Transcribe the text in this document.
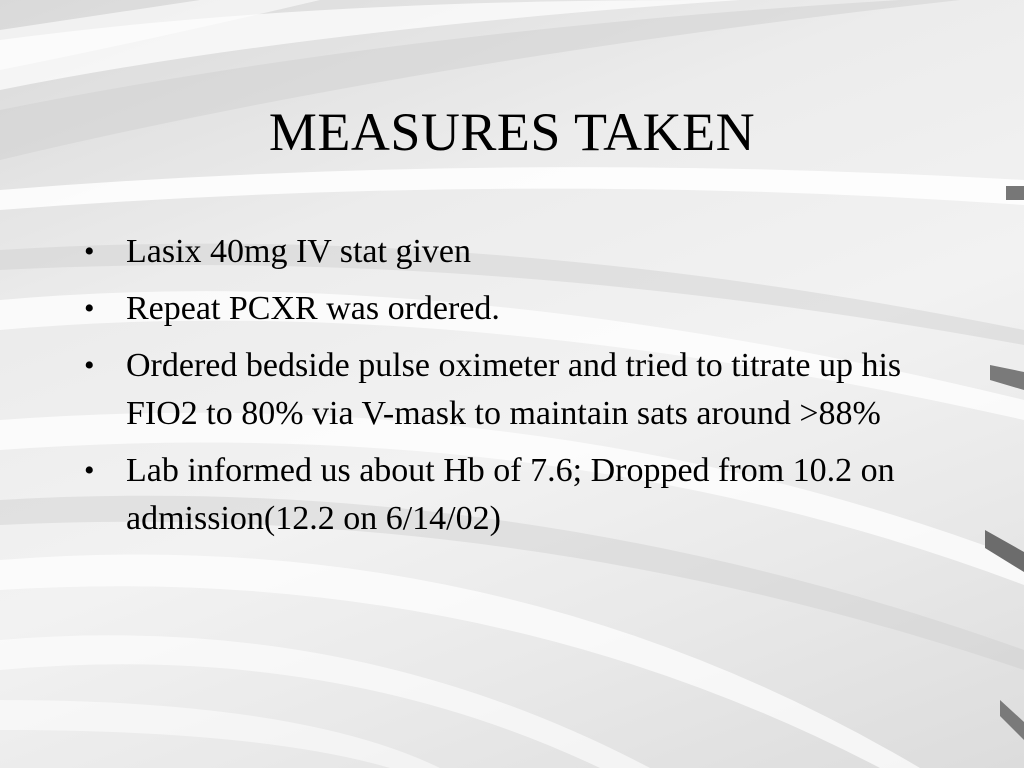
MEASURES TAKEN
• Lasix 40mg IV stat given
• Repeat PCXR was ordered.
• Ordered bedside pulse oximeter and tried to titrate up his FIO2 to 80% via V-mask to maintain sats around >88%
• Lab informed us about Hb of 7.6; Dropped from 10.2 on admission(12.2 on 6/14/02)
